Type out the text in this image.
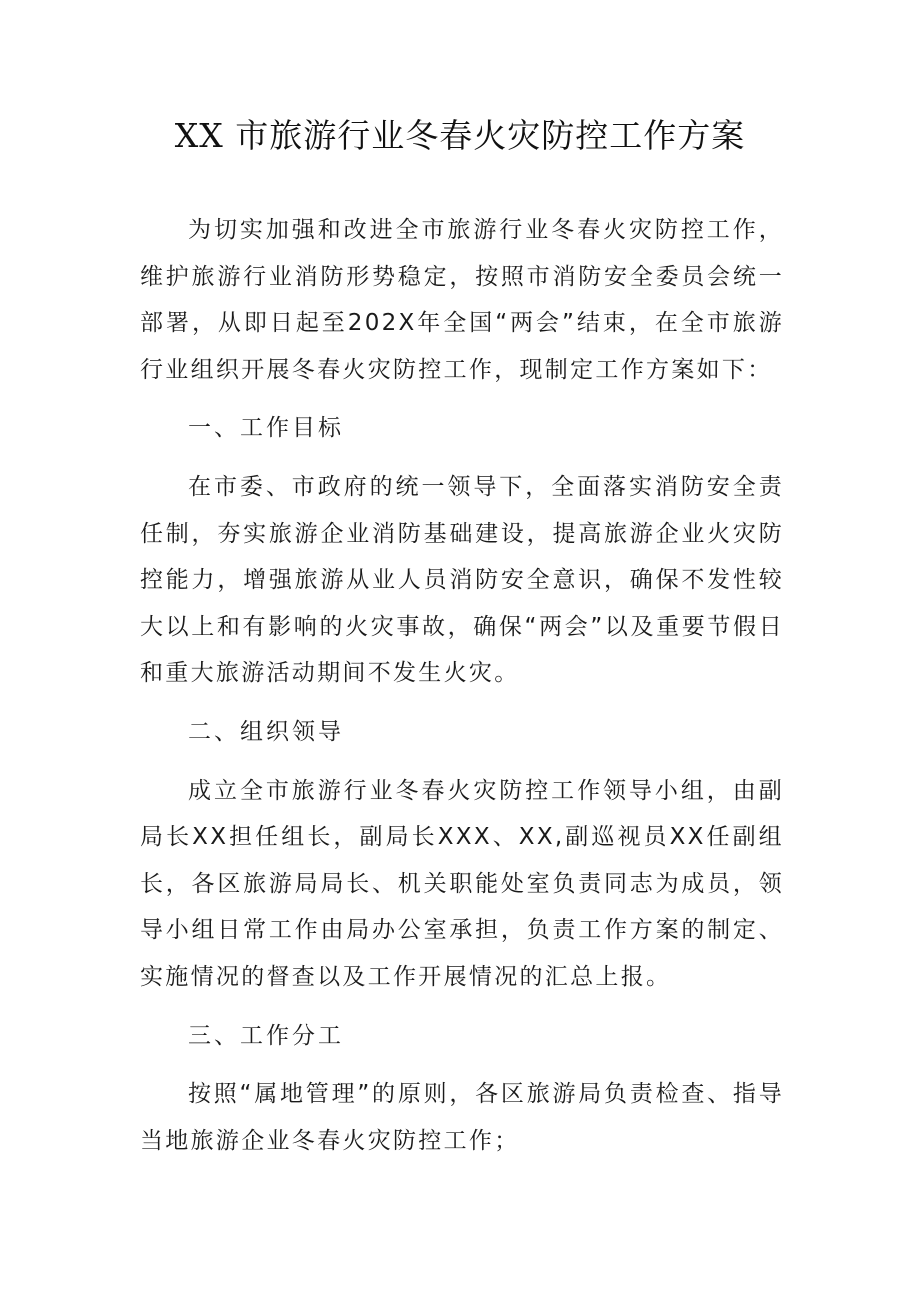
XX 市旅游行业冬春火灾防控工作方案

为切实加强和改进全市旅游行业冬春火灾防控工作，维护旅游行业消防形势稳定，按照市消防安全委员会统一部署，从即日起至202X年全国“两会”结束，在全市旅游行业组织开展冬春火灾防控工作，现制定工作方案如下：

一、工作目标

在市委、市政府的统一领导下，全面落实消防安全责任制，夯实旅游企业消防基础建设，提高旅游企业火灾防控能力，增强旅游从业人员消防安全意识，确保不发性较大以上和有影响的火灾事故，确保“两会”以及重要节假日和重大旅游活动期间不发生火灾。

二、组织领导

成立全市旅游行业冬春火灾防控工作领导小组，由副局长XX担任组长，副局长XXX、XX,副巡视员XX任副组长，各区旅游局局长、机关职能处室负责同志为成员，领导小组日常工作由局办公室承担，负责工作方案的制定、实施情况的督查以及工作开展情况的汇总上报。

三、工作分工

按照“属地管理”的原则，各区旅游局负责检查、指导当地旅游企业冬春火灾防控工作；
